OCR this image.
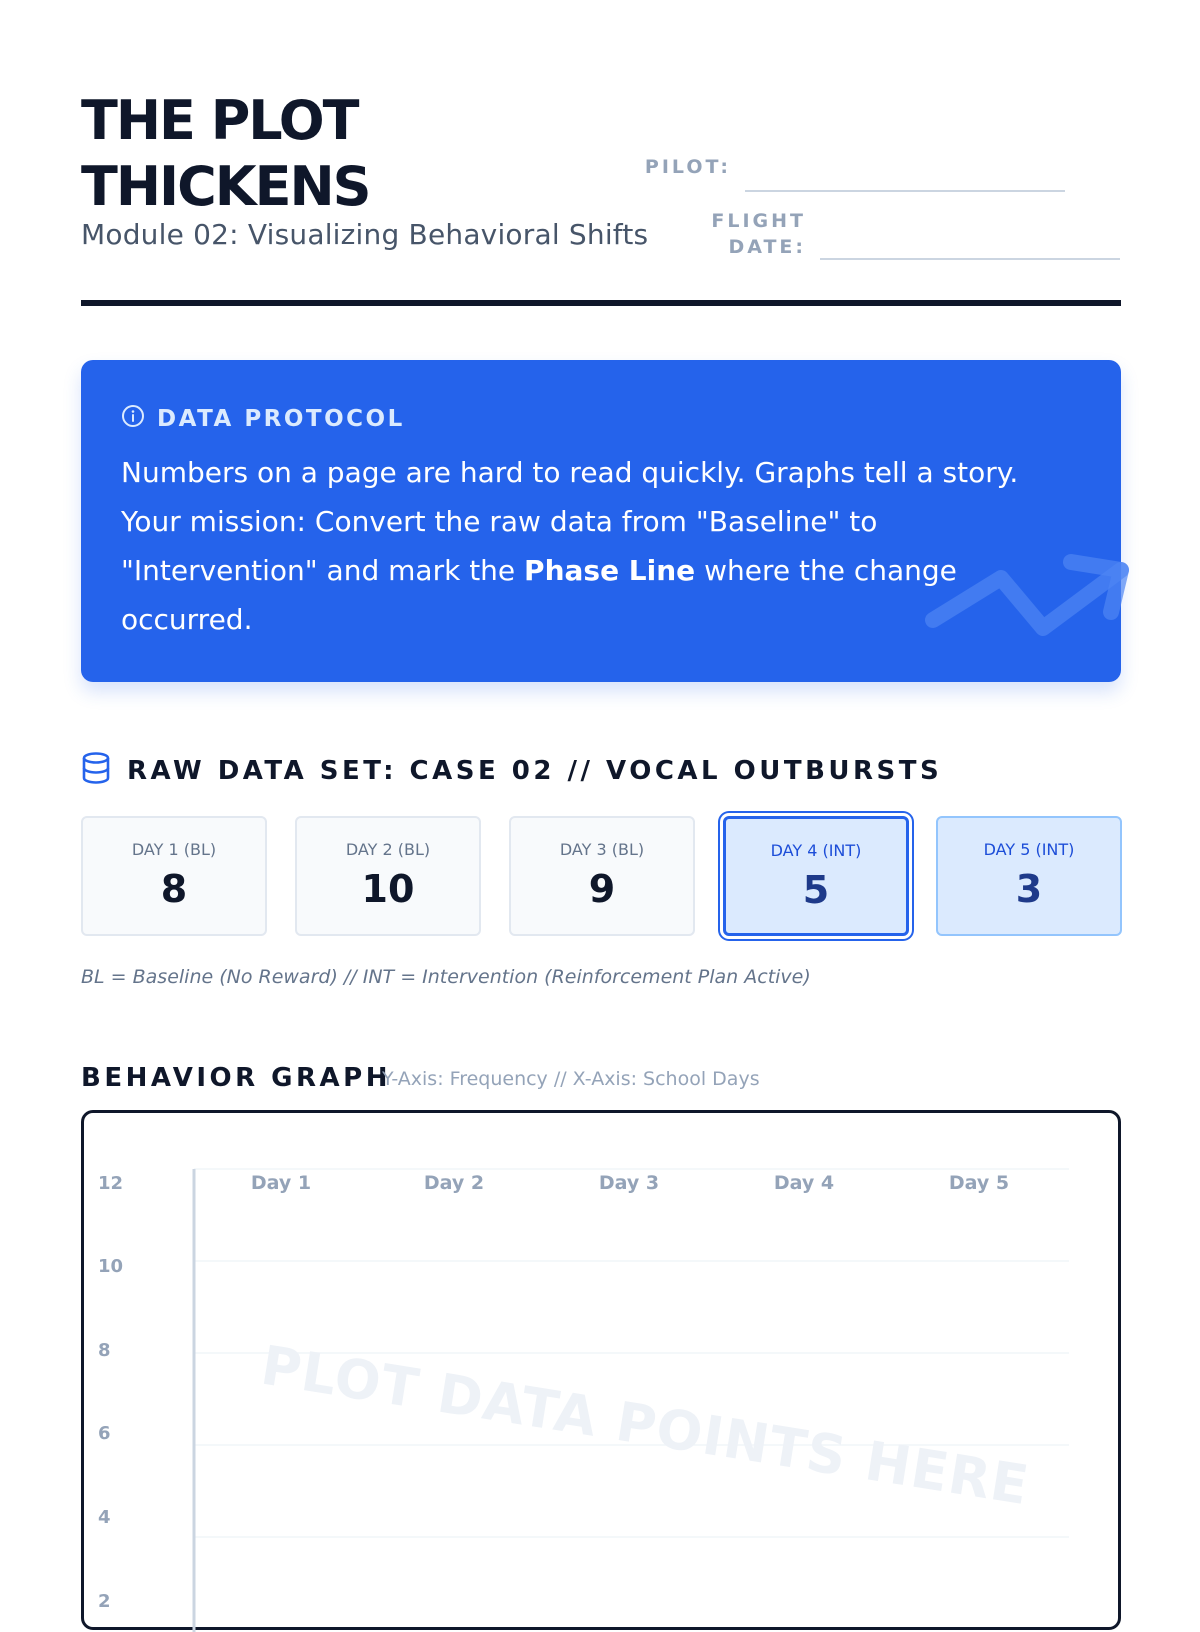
THE PLOT
THICKENS
Module 02: Visualizing Behavioral Shifts
PILOT:
FLIGHT
DATE:
DATA PROTOCOL
Numbers on a page are hard to read quickly. Graphs tell a story. Your mission: Convert the raw data from "Baseline" to "Intervention" and mark the Phase Line where the change occurred.
RAW DATA SET: CASE 02 // VOCAL OUTBURSTS
DAY 1 (BL)
8
DAY 2 (BL)
10
DAY 3 (BL)
9
DAY 4 (INT)
5
DAY 5 (INT)
3
BL = Baseline (No Reward) // INT = Intervention (Reinforcement Plan Active)
BEHAVIOR GRAPH
Y-Axis: Frequency // X-Axis: School Days
12
10
8
6
4
2
Day 1	Day 2	Day 3	Day 4	Day 5
PLOT DATA POINTS HERE
